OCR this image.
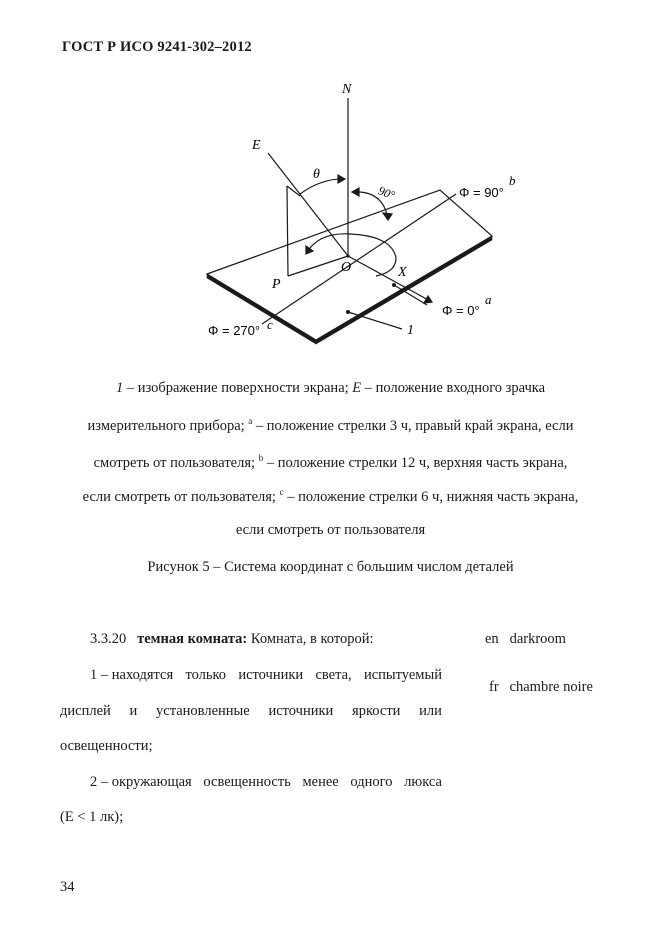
ГОСТ Р ИСО 9241-302–2012
N
E
θ
90°
O	X
P
Φ = 90°
b
Φ = 0°
a
Φ = 270° c	1
1 – изображение поверхности экрана; E – положение входного зрачка
измерительного прибора; $^a$ – положение стрелки 3 ч, правый край экрана, если
смотреть от пользователя; $^b$ – положение стрелки 12 ч, верхняя часть экрана,
если смотреть от пользователя; $^c$ – положение стрелки 6 ч, нижняя часть экрана,
если смотреть от пользователя
Рисунок 5 – Система координат с большим числом деталей
3.3.20 темная комната: Комната, в которой:	en darkroom
fr chambre noire
1 – находятся только источники света, испытуемый
дисплей и установленные источники яркости или
освещенности;
2 – окружающая освещенность менее одного люкса
(E < 1 лк);
34
